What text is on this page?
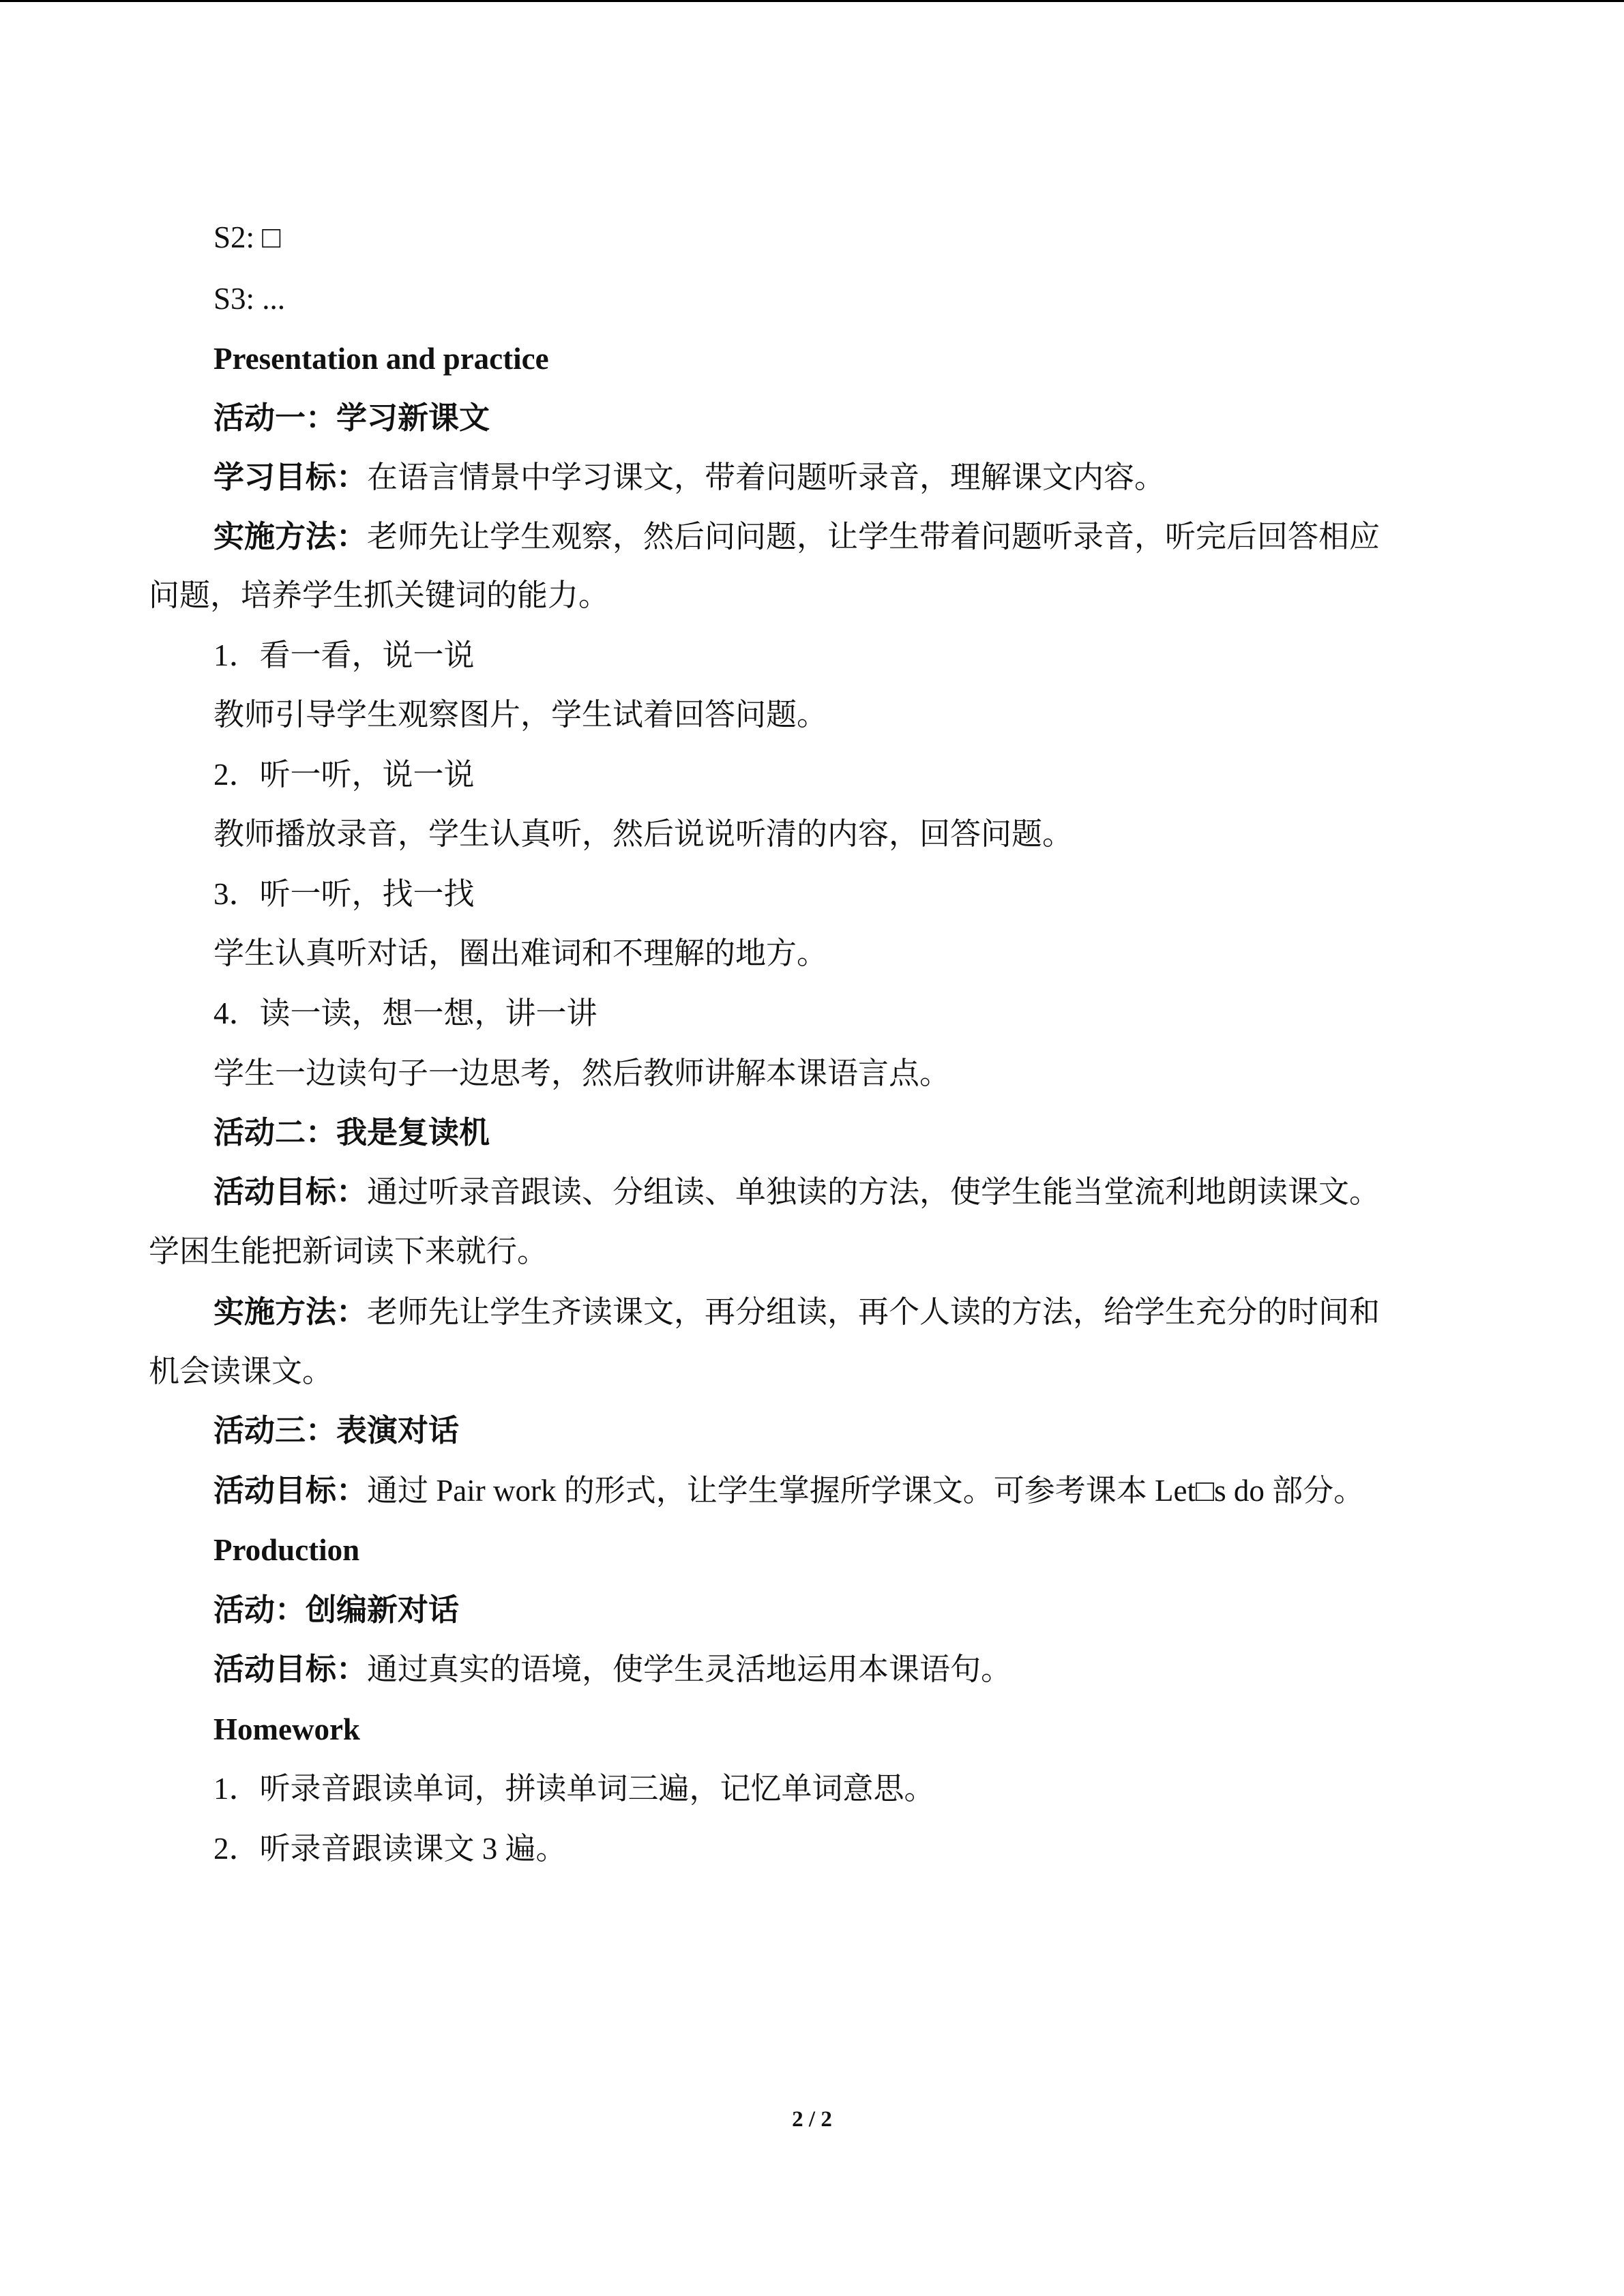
S2: □
S3: ...
Presentation and practice
活动一：学习新课文
学习目标：在语言情景中学习课文，带着问题听录音，理解课文内容。
实施方法：老师先让学生观察，然后问问题，让学生带着问题听录音，听完后回答相应
问题，培养学生抓关键词的能力。
1．看一看，说一说
教师引导学生观察图片，学生试着回答问题。
2．听一听，说一说
教师播放录音，学生认真听，然后说说听清的内容，回答问题。
3．听一听，找一找
学生认真听对话，圈出难词和不理解的地方。
4．读一读，想一想，讲一讲
学生一边读句子一边思考，然后教师讲解本课语言点。
活动二：我是复读机
活动目标：通过听录音跟读、分组读、单独读的方法，使学生能当堂流利地朗读课文。
学困生能把新词读下来就行。
实施方法：老师先让学生齐读课文，再分组读，再个人读的方法，给学生充分的时间和
机会读课文。
活动三：表演对话
活动目标：通过 Pair work 的形式，让学生掌握所学课文。可参考课本 Let□s do 部分。
Production
活动：创编新对话
活动目标：通过真实的语境，使学生灵活地运用本课语句。
Homework
1．听录音跟读单词，拼读单词三遍，记忆单词意思。
2．听录音跟读课文 3 遍。
2 / 2
